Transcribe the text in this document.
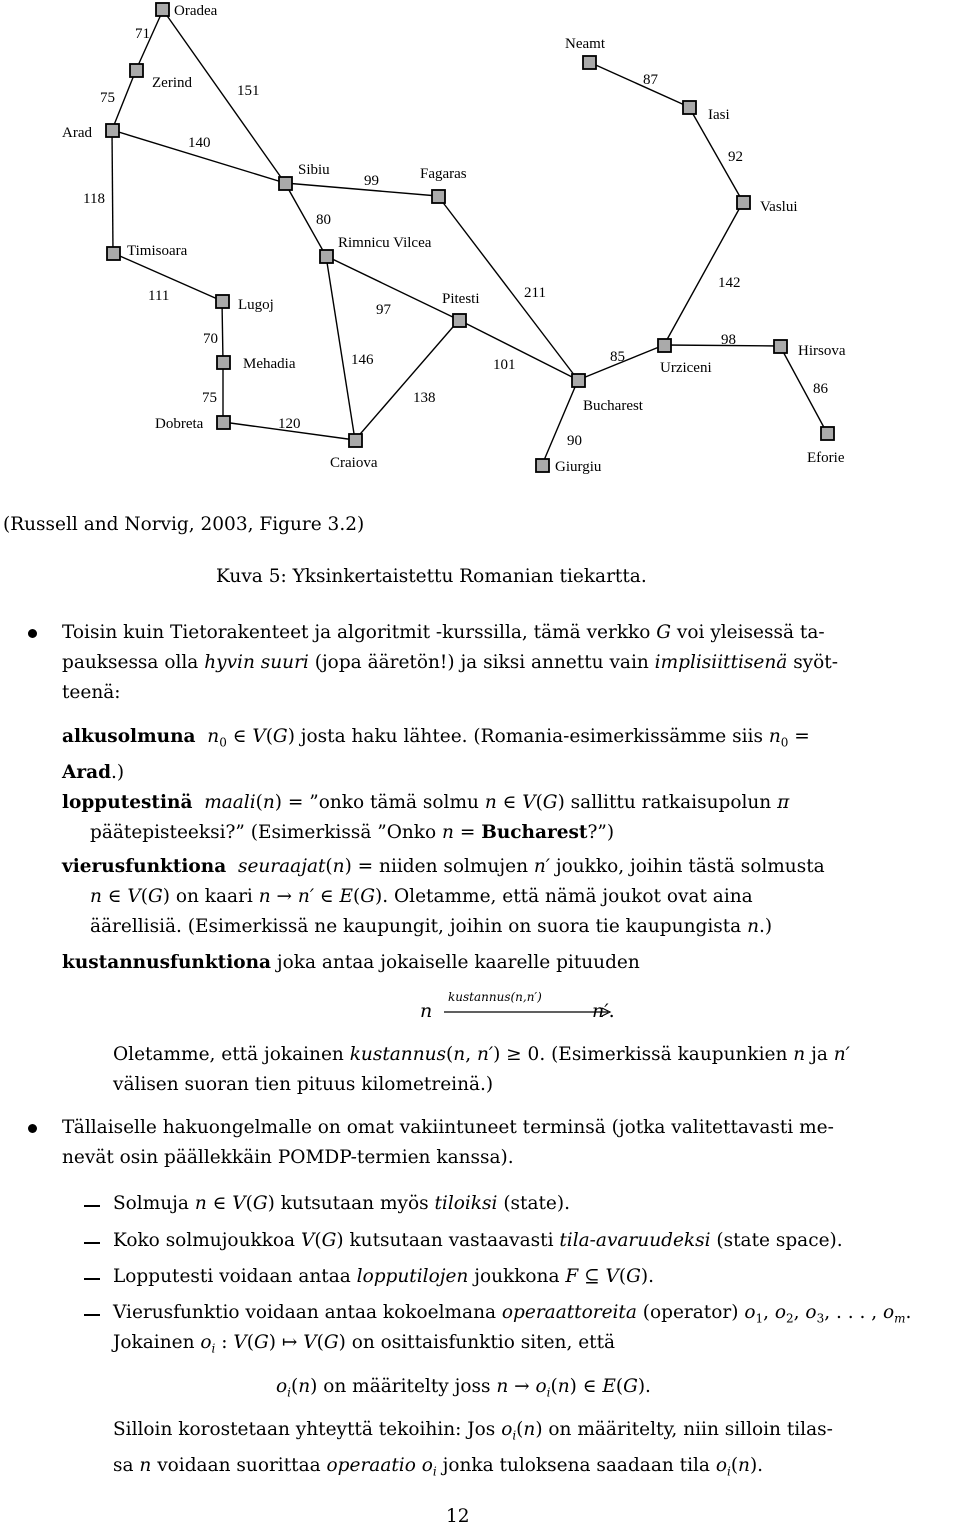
Oradea
Zerind
Arad
Timisoara
Lugoj
Mehadia
Dobreta
Craiova
Sibiu
Rimnicu Vilcea
Fagaras
Pitesti
Bucharest
Giurgiu
Urziceni
Neamt
Iasi
Vaslui
Hirsova
Eforie
71
75	151
140
118
99
80
87
92
142
211
97
111
70
146	101	85
98
75	138
86
120
90
(Russell and Norvig, 2003, Figure 3.2)
Kuva 5: Yksinkertaistettu Romanian tiekartta.
Toisin kuin Tietorakenteet ja algoritmit -kurssilla, tämä verkko G voi yleisessä ta-
pauksessa olla hyvin suuri (jopa ääretön!) ja siksi annettu vain implisiittisenä syöt-
teenä:
alkusolmuna $n_0$ ∈ V(G) josta haku lähtee. (Romania-esimerkissämme siis $n_0$ =
Arad.)
lopputestinä maali(n) = ”onko tämä solmu n ∈ V(G) sallittu ratkaisupolun π
päätepisteeksi?” (Esimerkissä ”Onko n = Bucharest?”)
vierusfunktiona seuraajat(n) = niiden solmujen n′ joukko, joihin tästä solmusta
n ∈ V(G) on kaari n → n′ ∈ E(G). Oletamme, että nämä joukot ovat aina
äärellisiä. (Esimerkissä ne kaupungit, joihin on suora tie kaupungista n.)
kustannusfunktiona joka antaa jokaiselle kaarelle pituuden
n
kustannus(n,n′)
n′.
Oletamme, että jokainen kustannus(n, n′) ≥ 0. (Esimerkissä kaupunkien n ja n′
välisen suoran tien pituus kilometreinä.)
Tällaiselle hakuongelmalle on omat vakiintuneet terminsä (jotka valitettavasti me-
nevät osin päällekkäin POMDP-termien kanssa).
Solmuja n ∈ V(G) kutsutaan myös tiloiksi (state).
Koko solmujoukkoa V(G) kutsutaan vastaavasti tila-avaruudeksi (state space).
Lopputesti voidaan antaa lopputilojen joukkona F ⊆ V(G).
Vierusfunktio voidaan antaa kokoelmana operaattoreita (operator) $o_1$, $o_2$, $o_3$, . . . , $o_m$.
Jokainen $o_i$ : V(G) ↦ V(G) on osittaisfunktio siten, että
$o_i(n)$ on määritelty joss $n \to o_i(n)$ ∈ E(G).
Silloin korostetaan yhteyttä tekoihin: Jos $o_i(n)$ on määritelty, niin silloin tilas-
sa n voidaan suorittaa operaatio $o_i$ jonka tuloksena saadaan tila $o_i(n)$.
12
